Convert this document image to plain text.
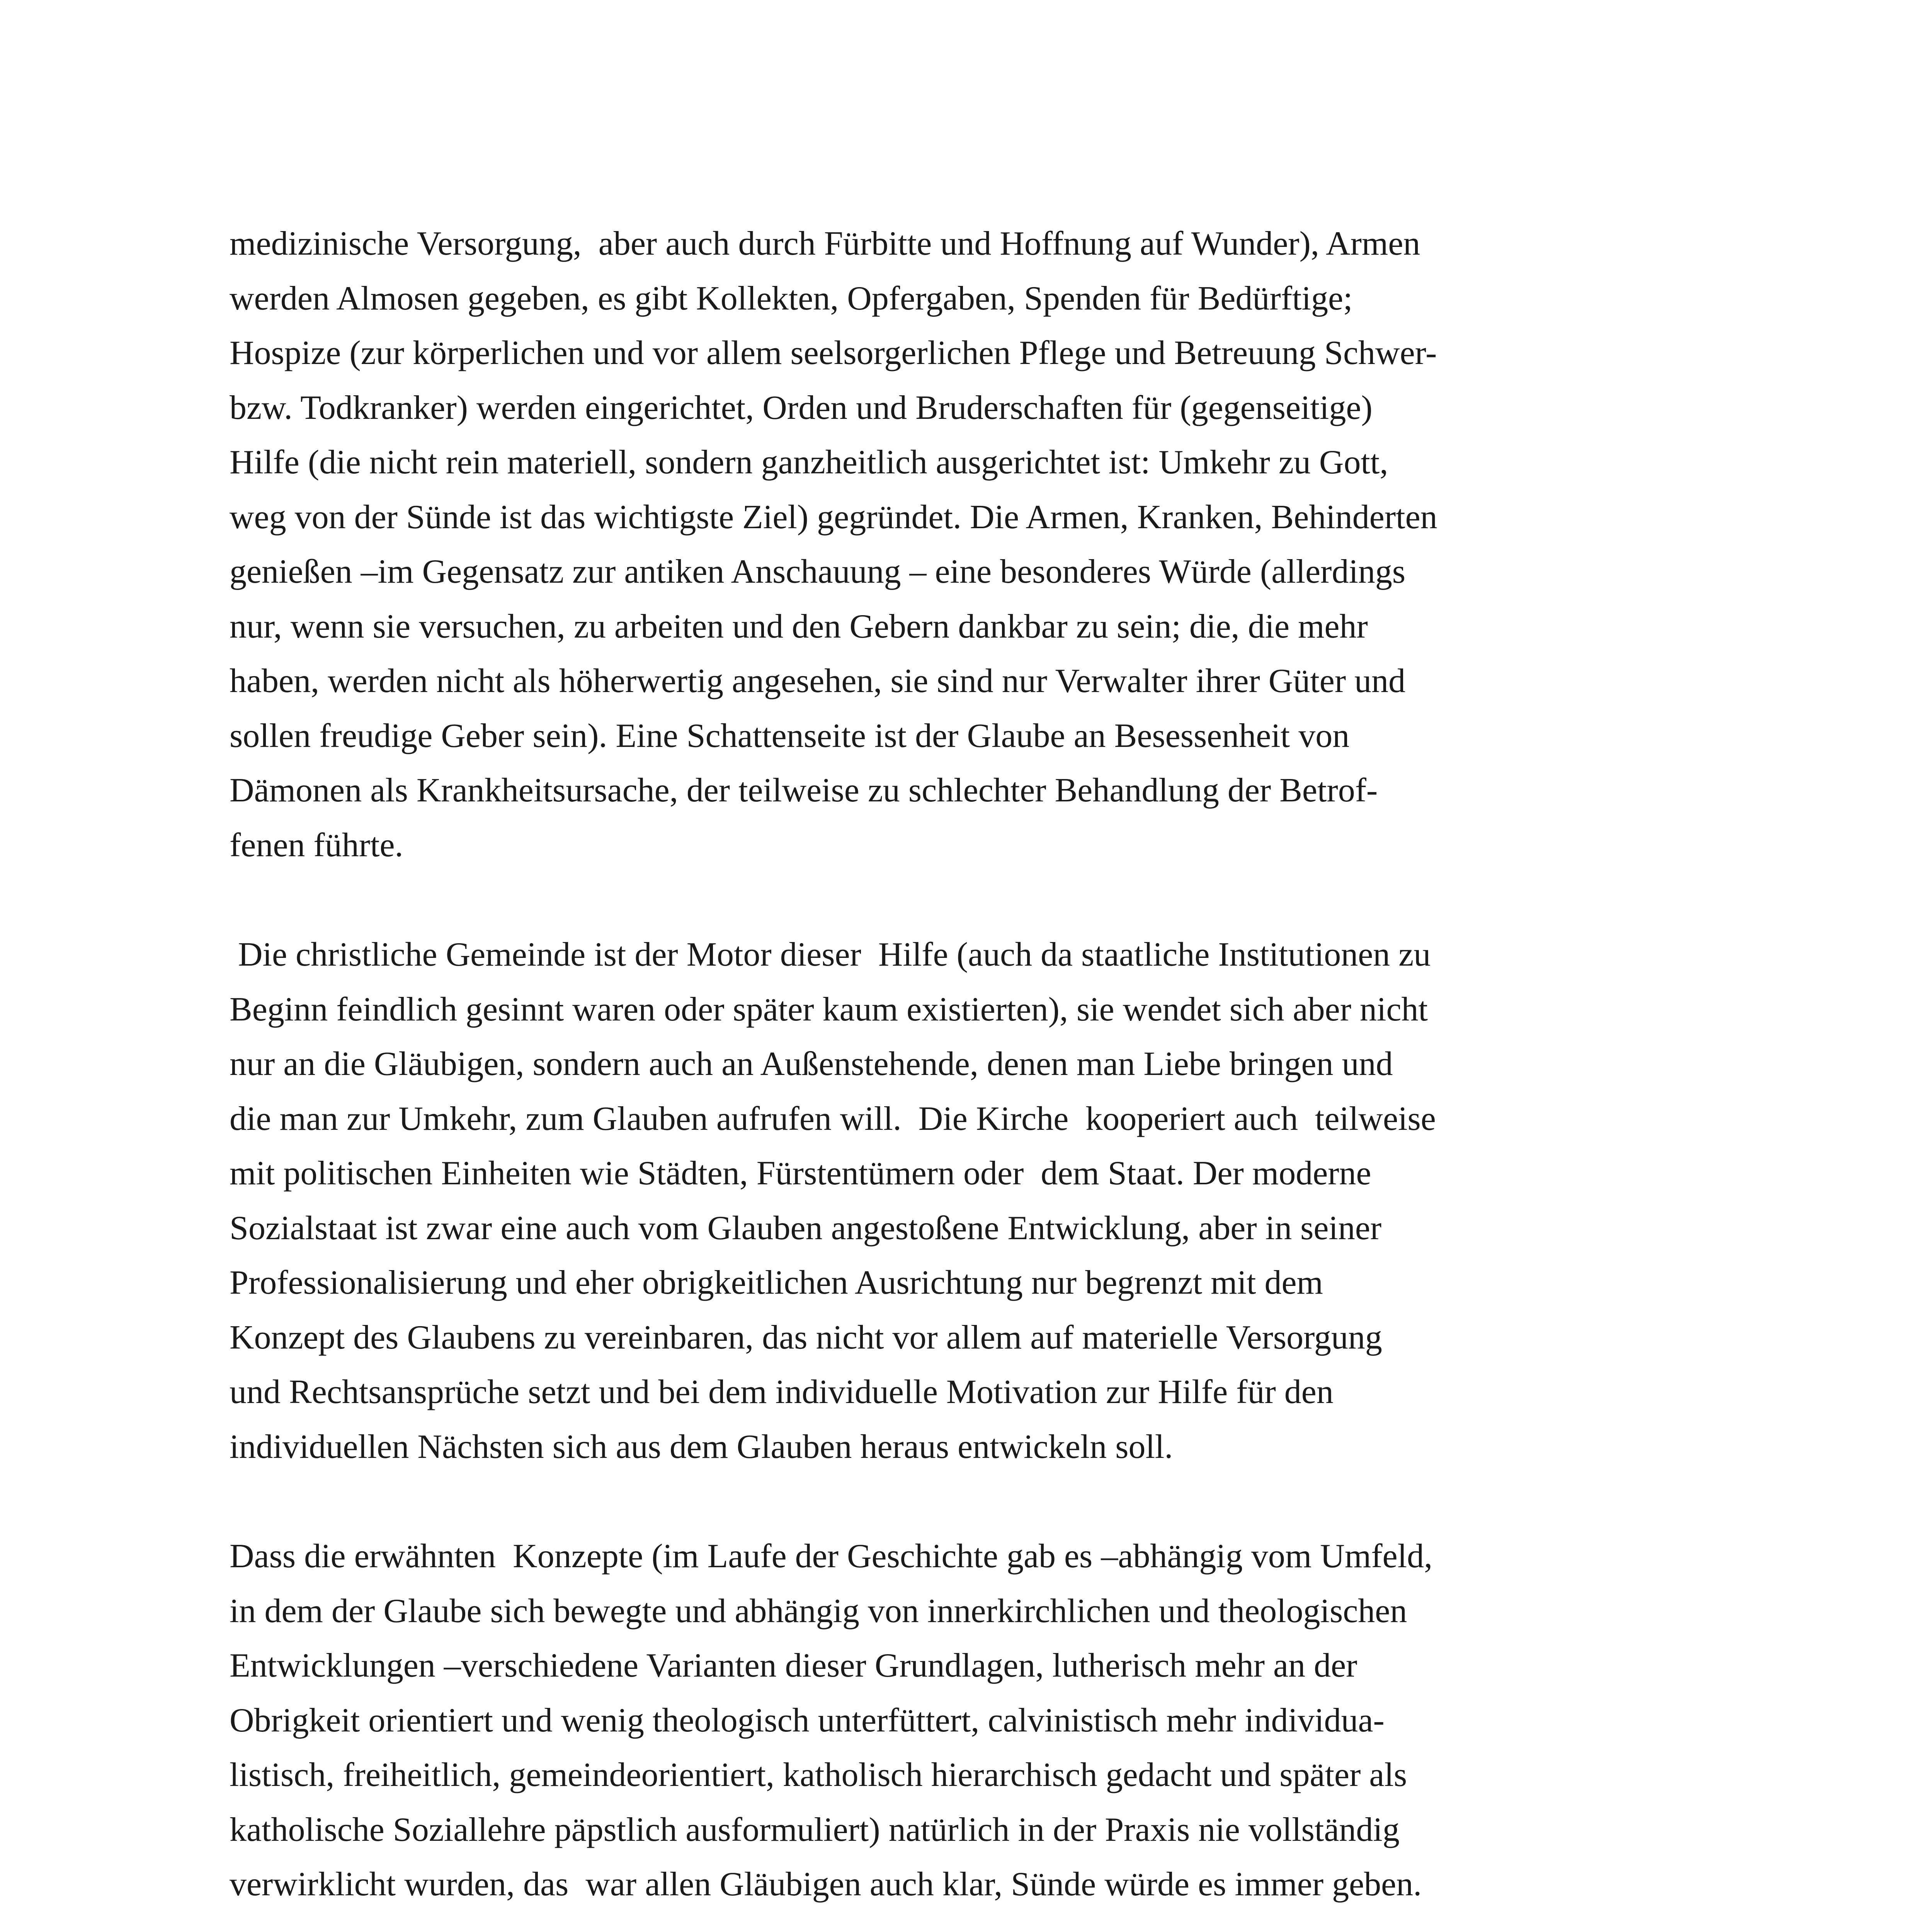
medizinische Versorgung,  aber auch durch Fürbitte und Hoffnung auf Wunder), Armen
werden Almosen gegeben, es gibt Kollekten, Opfergaben, Spenden für Bedürftige;
Hospize (zur körperlichen und vor allem seelsorgerlichen Pflege und Betreuung Schwer-
bzw. Todkranker) werden eingerichtet, Orden und Bruderschaften für (gegenseitige)
Hilfe (die nicht rein materiell, sondern ganzheitlich ausgerichtet ist: Umkehr zu Gott,
weg von der Sünde ist das wichtigste Ziel) gegründet. Die Armen, Kranken, Behinderten
genießen –im Gegensatz zur antiken Anschauung – eine besonderes Würde (allerdings
nur, wenn sie versuchen, zu arbeiten und den Gebern dankbar zu sein; die, die mehr
haben, werden nicht als höherwertig angesehen, sie sind nur Verwalter ihrer Güter und
sollen freudige Geber sein). Eine Schattenseite ist der Glaube an Besessenheit von
Dämonen als Krankheitsursache, der teilweise zu schlechter Behandlung der Betrof-
fenen führte.
Die christliche Gemeinde ist der Motor dieser  Hilfe (auch da staatliche Institutionen zu
Beginn feindlich gesinnt waren oder später kaum existierten), sie wendet sich aber nicht
nur an die Gläubigen, sondern auch an Außenstehende, denen man Liebe bringen und
die man zur Umkehr, zum Glauben aufrufen will.  Die Kirche  kooperiert auch  teilweise
mit politischen Einheiten wie Städten, Fürstentümern oder  dem Staat. Der moderne
Sozialstaat ist zwar eine auch vom Glauben angestoßene Entwicklung, aber in seiner
Professionalisierung und eher obrigkeitlichen Ausrichtung nur begrenzt mit dem
Konzept des Glaubens zu vereinbaren, das nicht vor allem auf materielle Versorgung
und Rechtsansprüche setzt und bei dem individuelle Motivation zur Hilfe für den
individuellen Nächsten sich aus dem Glauben heraus entwickeln soll.
Dass die erwähnten  Konzepte (im Laufe der Geschichte gab es –abhängig vom Umfeld,
in dem der Glaube sich bewegte und abhängig von innerkirchlichen und theologischen
Entwicklungen –verschiedene Varianten dieser Grundlagen, lutherisch mehr an der
Obrigkeit orientiert und wenig theologisch unterfüttert, calvinistisch mehr individua-
listisch, freiheitlich, gemeindeorientiert, katholisch hierarchisch gedacht und später als
katholische Soziallehre päpstlich ausformuliert) natürlich in der Praxis nie vollständig
verwirklicht wurden, das  war allen Gläubigen auch klar, Sünde würde es immer geben.
